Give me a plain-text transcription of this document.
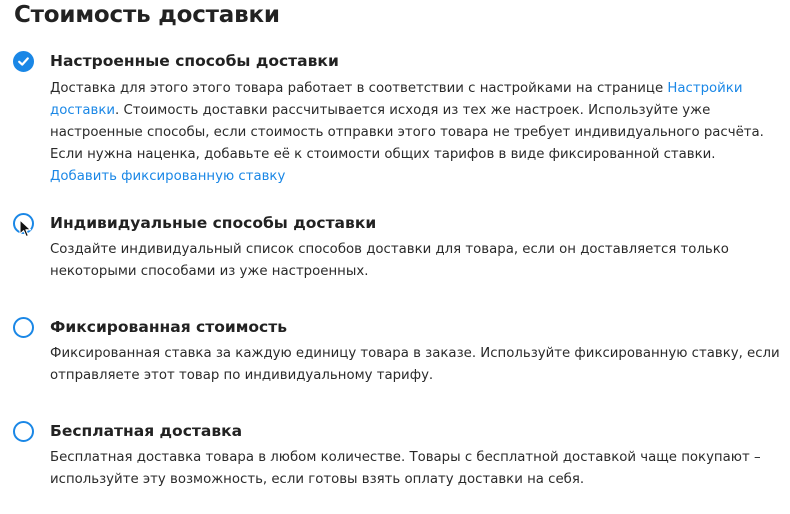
Стоимость доставки
Настроенные способы доставки
Доставка для этого этого товара работает в соответствии с настройками на странице Настройки
доставки. Стоимость доставки рассчитывается исходя из тех же настроек. Используйте уже
настроенные способы, если стоимость отправки этого товара не требует индивидуального расчёта.
Если нужна наценка, добавьте её к стоимости общих тарифов в виде фиксированной ставки.
Добавить фиксированную ставку
Индивидуальные способы доставки
Создайте индивидуальный список способов доставки для товара, если он доставляется только
некоторыми способами из уже настроенных.
Фиксированная стоимость
Фиксированная ставка за каждую единицу товара в заказе. Используйте фиксированную ставку, если
отправляете этот товар по индивидуальному тарифу.
Бесплатная доставка
Бесплатная доставка товара в любом количестве. Товары с бесплатной доставкой чаще покупают –
используйте эту возможность, если готовы взять оплату доставки на себя.
